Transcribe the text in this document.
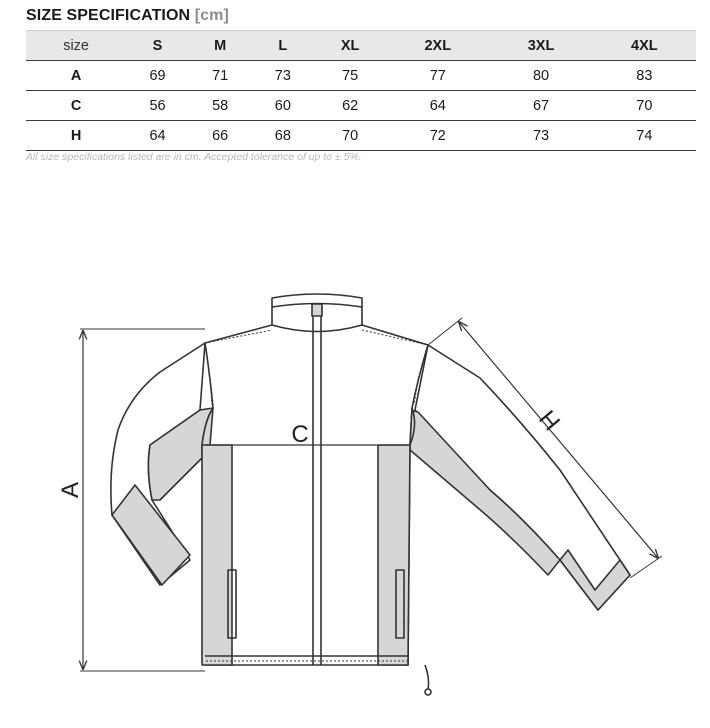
SIZE SPECIFICATION [cm]
size	S	M	L	XL	2XL	3XL	4XL
A	69	71	73	75	77	80	83
C	56	58	60	62	64	67	70
H	64	66	68	70	72	73	74
All size specifications listed are in cm. Accepted tolerance of up to ± 5%.
A
C	H
